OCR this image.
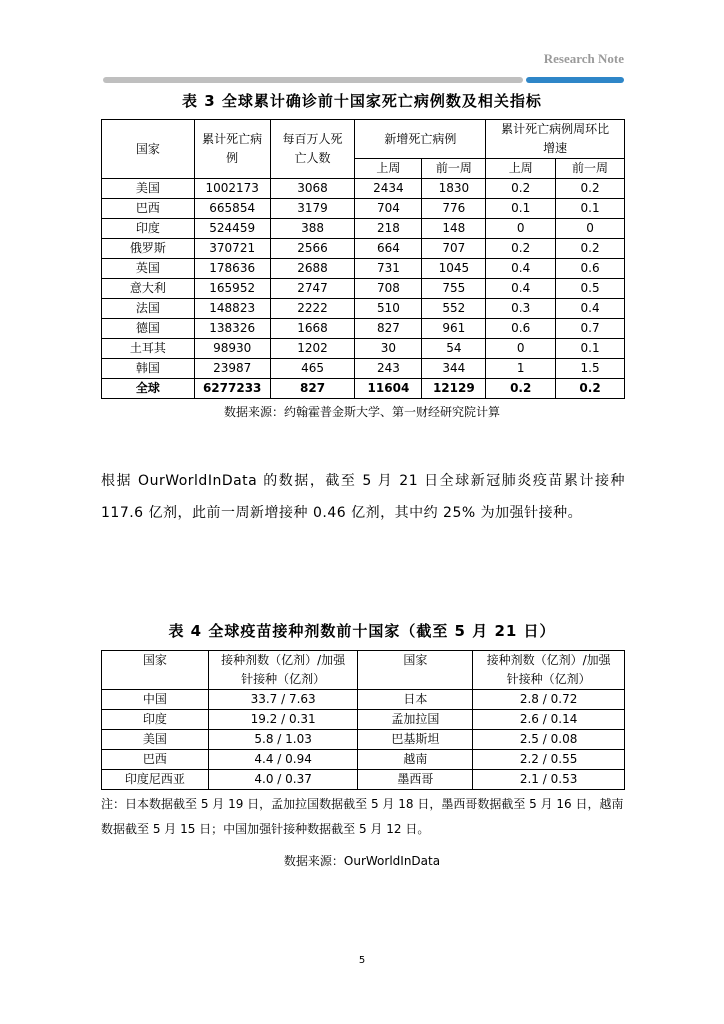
Research Note
表 3 全球累计确诊前十国家死亡病例数及相关指标
国家	累计死亡病例	每百万人死亡人数	新增死亡病例		累计死亡病例周环比增速	
			上周	前一周	上周	前一周
美国	1002173	3068	2434	1830	0.2	0.2
巴西	665854	3179	704	776	0.1	0.1
印度	524459	388	218	148	0	0
俄罗斯	370721	2566	664	707	0.2	0.2
英国	178636	2688	731	1045	0.4	0.6
意大利	165952	2747	708	755	0.4	0.5
法国	148823	2222	510	552	0.3	0.4
德国	138326	1668	827	961	0.6	0.7
土耳其	98930	1202	30	54	0	0.1
韩国	23987	465	243	344	1	1.5
全球	6277233	827	11604	12129	0.2	0.2
数据来源：约翰霍普金斯大学、第一财经研究院计算
根据 OurWorldInData 的数据，截至 5 月 21 日全球新冠肺炎疫苗累计接种 117.6 亿剂，此前一周新增接种 0.46 亿剂，其中约 25% 为加强针接种。
表 4 全球疫苗接种剂数前十国家（截至 5 月 21 日）
国家	接种剂数（亿剂）/加强针接种（亿剂）	国家	接种剂数（亿剂）/加强针接种（亿剂）
中国	33.7 / 7.63	日本	2.8 / 0.72
印度	19.2 / 0.31	孟加拉国	2.6 / 0.14
美国	5.8 / 1.03	巴基斯坦	2.5 / 0.08
巴西	4.4 / 0.94	越南	2.2 / 0.55
印度尼西亚	4.0 / 0.37	墨西哥	2.1 / 0.53
注：日本数据截至 5 月 19 日，孟加拉国数据截至 5 月 18 日，墨西哥数据截至 5 月 16 日，越南数据截至 5 月 15 日；中国加强针接种数据截至 5 月 12 日。
数据来源：OurWorldInData
5
